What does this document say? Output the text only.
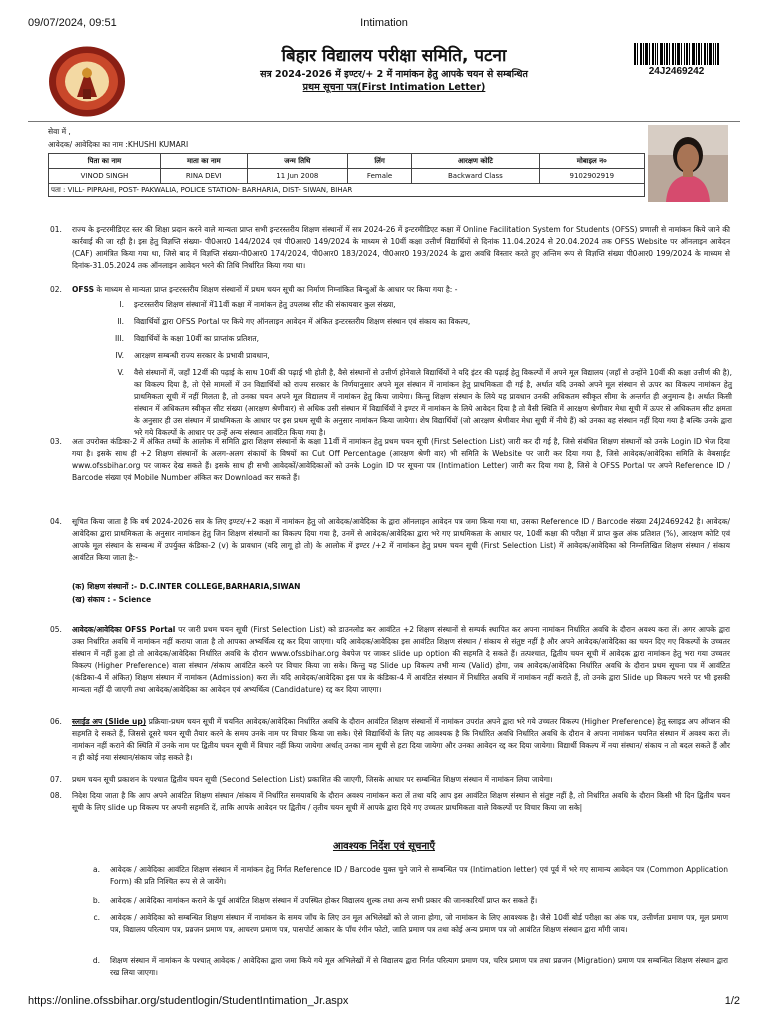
09/07/2024, 09:51	Intimation
बिहार विद्यालय परीक्षा समिति, पटना
सत्र 2024-2026 में इण्टर/+ 2 में नामांकन हेतु आपके चयन से सम्बन्धित
प्रथम सूचना पत्र(First Intimation Letter)
24J2469242
सेवा में ,
आवेदक/ आवेदिका का नाम :KHUSHI KUMARI
पिता का नाम	माता का नाम	जन्म तिथि	लिंग	आरक्षण कोटि	मोबाइल न०
VINOD SINGH	RINA DEVI	11 Jun 2008	Female	Backward Class	9102902919
पता : VILL- PIPRAHI, POST- PAKWALIA, POLICE STATION- BARHARIA, DIST- SIWAN, BIHAR					
01. राज्य के इन्टरमीडिएट स्तर की शिक्षा प्रदान करने वाले मान्यता प्राप्त सभी इन्टरस्तरीय शिक्षण संस्थानों में सत्र 2024-26 में इन्टरमीडिएट कक्षा में Online Facilitation System for Students (OFSS) प्रणाली से नामांकन किये जाने की कार्रवाई की जा रही है। इस हेतु विज्ञप्ति संख्या- पी0आर0 144/2024 एवं पी0आर0 149/2024 के माध्यम से 10वीं कक्षा उत्तीर्ण विद्यार्थियों से दिनांक 11.04.2024 से 20.04.2024 तक OFSS Website पर ऑनलाइन आवेदन (CAF) आमंत्रित किया गया था, जिसे बाद में विज्ञप्ति संख्या-पी0आर0 174/2024, पी0आर0 183/2024, पी0आर0 193/2024 के द्वारा अवधि विस्तार करते हुए अन्तिम रूप से विज्ञप्ति संख्या पी0आर0 199/2024 के माध्यम से दिनांक-31.05.2024 तक ऑनलाइन आवेदन भरने की तिथि निर्धारित किया गया था।
02. OFSS के माध्यम से मान्यता प्राप्त इन्टरस्तरीय शिक्षण संस्थानों में प्रथम चयन सूची का निर्माण निम्नांकित बिन्दुओं के आधार पर किया गया है: -
I. इन्टरस्तरीय शिक्षण संस्थानों में11वीं कक्षा में नामांकन हेतु उपलब्ध सीट की संकायवार कुल संख्या,
II. विद्यार्थियों द्वारा OFSS Portal पर किये गए ऑनलाइन आवेदन में अंकित इन्टरस्तरीय शिक्षण संस्थान एवं संकाय का विकल्प,
III. विद्यार्थियों के कक्षा 10वीं का प्राप्तांक प्रतिशत,
IV. आरक्षण सम्बन्धी राज्य सरकार के प्रभावी प्रावधान,
V. वैसे संस्थानों में, जहाँ 12वीं की पढ़ाई के साथ 10वीं की पढ़ाई भी होती है, वैसे संस्थानों से उत्तीर्ण होनेवाले विद्यार्थियों ने यदि इंटर की पढ़ाई हेतु विकल्पों में अपने मूल विद्यालय (जहाँ से उन्होंने 10वीं की कक्षा उत्तीर्ण की है), का विकल्प दिया है, तो ऐसे मामलों में उन विद्यार्थियों को राज्य सरकार के निर्णयानुसार अपने मूल संस्थान में नामांकन हेतु प्राथमिकता दी गई है, अर्थात यदि उनको अपने मूल संस्थान से ऊपर का विकल्प नामांकन हेतु प्राथमिकता सूची में नहीं मिलता है, तो उनका चयन अपने मूल विद्यालय में नामांकन हेतु किया जायेगा। किन्तु शिक्षण संस्थान के लिये यह प्रावधान उनकी अधिकतम स्वीकृत सीमा के अन्तर्गत ही अनुमान्य है। अर्थात किसी संस्थान में अधिकतम स्वीकृत सीट संख्या (आरक्षण श्रेणीवार) से अधिक उसी संस्थान में विद्यार्थियों ने इण्टर में नामांकन के लिये आवेदन दिया है तो वैसी स्थिति में आरक्षण श्रेणीवार मेधा सूची में ऊपर से अधिकतम सीट क्षमता के अनुसार ही उस संस्थान में प्राथमिकता के आधार पर इस प्रथम सूची के अनुसार नामांकन किया जायेगा। शेष विद्यार्थियों (जो आरक्षण श्रेणीवार मेधा सूची में नीचे हैं) को उनका वह संस्थान नहीं दिया गया है बल्कि उनके द्वारा भरे गये विकल्पों के आधार पर उन्हें अन्य संस्थान आवंटित किया गया है।
03. अतः उपरोक्त कंडिका-2 में अंकित तथ्यों के आलोक में समिति द्वारा शिक्षण संस्थानों के कक्षा 11वीं में नामांकन हेतु प्रथम चयन सूची (First Selection List) जारी कर दी गई है, जिसे संबंधित शिक्षण संस्थानों को उनके Login ID भेज दिया गया है। इसके साथ ही +2 शिक्षण संस्थानों के अलग-अलग संकायों के विषयों का Cut Off Percentage (आरक्षण श्रेणी वार) भी समिति के Website पर जारी कर दिया गया है, जिसे आवेदक/आवेदिका समिति के वेबसाईट www.ofssbihar.org पर जाकर देख सकते हैं। इसके साथ ही सभी आवेदकों/आवेदिकाओं को उनके Login ID पर सूचना पत्र (Intimation Letter) जारी कर दिया गया है, जिसे वे OFSS Portal पर अपने Reference ID / Barcode संख्या एवं Mobile Number अंकित कर Download कर सकते हैं।
04. सूचित किया जाता है कि वर्ष 2024-2026 सत्र के लिए इण्टर/+2 कक्षा में नामांकन हेतु जो आवेदक/आवेदिका के द्वारा ऑनलाइन आवेदन पत्र जमा किया गया था, उसका Reference ID / Barcode संख्या 24J2469242 है। आवेदक/आवेदिका द्वारा प्राथमिकता के अनुसार नामांकन हेतु जिन शिक्षण संस्थानों का विकल्प दिया गया है, उनमें से आवेदक/आवेदिका द्वारा भरे गए प्राथमिकता के आधार पर, 10वीं कक्षा की परीक्षा में प्राप्त कुल अंक प्रतिशत (%), आरक्षण कोटि एवं आपके मूल संस्थान के सम्बन्ध में उपर्युक्त कंडिका-2 (v) के प्रावधान (यदि लागू हो तो) के आलोक में इण्टर /+2 में नामांकन हेतु प्रथम चयन सूची (First Selection List) में आवेदक/आवेदिका को निम्नलिखित शिक्षण संस्थान / संकाय आवंटित किया जाता है:-
(क) शिक्षण संस्थानों :- D.C.INTER COLLEGE,BARHARIA,SIWAN
(ख) संकाय : - Science
05. आवेदक/आवेदिका OFSS Portal पर जारी प्रथम चयन सूची (First Selection List) को डाउनलोड कर आवंटित +2 शिक्षण संस्थानों से सम्पर्क स्थापित कर अपना नामांकन निर्धारित अवधि के दौरान अवश्य करा लें। अगर आपके द्वारा उक्त निर्धारित अवधि में नामांकन नहीं कराया जाता है तो आपका अभ्यर्थित्व रद्द कर दिया जाएगा। यदि आवेदक/आवेदिका इस आवंटित शिक्षण संस्थान / संकाय से संतुष्ट नहीं है और अपने आवेदक/आवेदिका का चयन दिए गए विकल्पों के उच्चतर संस्थान में नहीं हुआ हो तो आवेदक/आवेदिका निर्धारित अवधि के दौरान www.ofssbihar.org वेबपेज पर जाकर slide up option की सहमति दे सकते हैं। तत्पश्चात, द्वितीय चयन सूची में आवेदक द्वारा नामांकन हेतु भरा गया उच्चतर विकल्प (Higher Preference) वाला संस्थान /संकाय आवंटित करने पर विचार किया जा सके। किन्तु यह Slide up विकल्प तभी मान्य (Valid) होगा, जब आवेदक/आवेदिका निर्धारित अवधि के दौरान प्रथम सूचना पत्र में आवंटित (कंडिका-4 में अंकित) शिक्षण संस्थान में नामांकन (Admission) करा लें। यदि आवेदक/आवेदिका इस पत्र के कंडिका-4 में आवंटित संस्थान में निर्धारित अवधि में नामांकन नहीं कराते हैं, तो उनके द्वारा Slide up विकल्प भरने पर भी इसकी मान्यता नहीं दी जाएगी तथा आवेदक/आवेदिका का आवेदन एवं अभ्यर्थित्व (Candidature) रद्द कर दिया जाएगा।
06. स्लाईड अप (Slide up) प्रक्रियाः-प्रथम चयन सूची में चयनित आवेदक/आवेदिका निर्धारित अवधि के दौरान आवंटित शिक्षण संस्थानों में नामांकन उपरांत अपने द्वारा भरे गये उच्चतर विकल्प (Higher Preference) हेतु स्लाइड अप ऑप्शन की सहमति दे सकते हैं, जिससे दूसरे चयन सूची तैयार करने के समय उनके नाम पर विचार किया जा सके। ऐसे विद्यार्थियों के लिए यह आवश्यक है कि निर्धारित अवधि निर्धारित अवधि के दौरान वे अपना नामांकन चयनित संस्थान में अवश्य करा लें। नामांकन नहीं कराने की स्थिति में उनके नाम पर द्वितीय चयन सूची में विचार नहीं किया जायेगा अर्थात् उनका नाम सूची से हटा दिया जायेगा और उनका आवेदन रद्द कर दिया जायेगा। विद्यार्थी विकल्प में नया संस्थान/ संकाय न तो बदल सकते हैं और न ही कोई नया संस्थान/संकाय जोड़ सकते है।
07. प्रथम चयन सूची प्रकाशन के पश्चात द्वितीय चयन सूची (Second Selection List) प्रकाशित की जाएगी, जिसके आधार पर सम्बन्धित शिक्षण संस्थान में नामांकन लिया जायेगा।
08. निदेश दिया जाता है कि आप अपने आवंटित शिक्षण संस्थान /संकाय में निर्धारित समयावधि के दौरान अवश्य नामांकन करा लें तथा यदि आप इस आवंटित शिक्षण संस्थान से संतुष्ट नहीं है, तो निर्धारित अवधि के दौरान किसी भी दिन द्वितीय चयन सूची के लिए slide up विकल्प पर अपनी सहमति दें, ताकि आपके आवेदन पर द्वितीय / तृतीय चयन सूची में आपके द्वारा दिये गए उच्चतर प्राथमिकता वाले विकल्पों पर विचार किया जा सके|
a. आवेदक / आवेदिका आवंटित शिक्षण संस्थान में नामांकन हेतु निर्गत Reference ID / Barcode युक्त चुने जाने से सम्बन्धित पत्र (Intimation letter) एवं पूर्व में भरे गए सामान्य आवेदन पत्र (Common Application Form) की प्रति निश्चित रूप से ले जायेंगे।
b. आवेदक / आवेदिका नामांकन कराने के पूर्व आवंटित शिक्षण संस्थान में उपस्थित होकर विद्यालय शुल्क तथा अन्य सभी प्रकार की जानकारियाँ प्राप्त कर सकते हैं।
c. आवेदक / आवेदिका को सम्बन्धित शिक्षण संस्थान में नामांकन के समय जाँच के लिए उन मूल अभिलेखों को ले जाना होगा, जो नामांकन के लिए आवश्यक है। जैसे 10वीं बोर्ड परीक्षा का अंक पत्र, उत्तीर्णता प्रमाण पत्र, मूल प्रमाण पत्र, विद्यालय परित्याग पत्र, प्रव्रजन प्रमाण पत्र, आचरण प्रमाण पत्र, पासपोर्ट आकार के पाँच रंगीन फोटो, जाति प्रमाण पत्र तथा कोई अन्य प्रमाण पत्र जो आवंटित शिक्षण संस्थान द्वारा माँगी जाय।
d. शिक्षण संस्थान में नामांकन के पश्चात् आवेदक / आवेदिका द्वारा जमा किये गये मूल अभिलेखों में से विद्यालय द्वारा निर्गत परित्याग प्रमाण पत्र, चरित्र प्रमाण पत्र तथा प्रव्रजन (Migration) प्रमाण पत्र सम्बन्धित शिक्षण संस्थान द्वारा रख लिया जाएगा।
आवश्यक निर्देश एवं सूचनाएँ
https://online.ofssbihar.org/studentlogin/StudentIntimation_Jr.aspx	1/2
